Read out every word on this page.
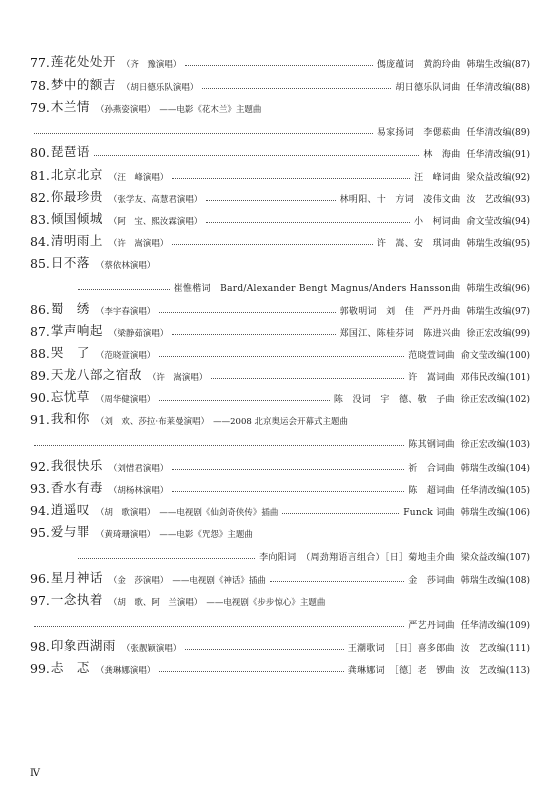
77. 莲花处处开 （齐　豫演唱）	傌庞蕴词　黄韵玲曲 韩瑞生改编(87)
78. 梦中的额吉 （胡日德乐队演唱）	胡日德乐队词曲 任华清改编(88)
79. 木兰情 （孙燕姿演唱） ——电影《花木兰》主题曲
易家扬词　李偲菘曲 任华清改编(89)
80. 琵琶语	林　海曲 任华清改编(91)
81. 北京北京 （汪　峰演唱）	汪　峰词曲 梁众益改编(92)
82. 你最珍贵 （张学友、高慧君演唱）	林明阳、十　方词　凌伟文曲 汝　艺改编(93)
83. 倾国倾城 （阿　宝、熙汝霖演唱）	小　柯词曲 俞文莹改编(94)
84. 清明雨上 （许　嵩演唱）	许　嵩、安　琪词曲 韩瑞生改编(95)
85. 日不落 （蔡依林演唱）
崔惟楷词　Bard/Alexander Bengt Magnus/Anders Hansson曲 韩瑞生改编(96)
86. 蜀　绣 （李宇春演唱）	郭敬明词　刘　佳　严丹丹曲 韩瑞生改编(97)
87. 掌声响起 （梁静茹演唱）	郑国江、陈桂芬词　陈进兴曲 徐正宏改编(99)
88. 哭　了 （范晓萱演唱）	范晓萱词曲 俞文莹改编(100)
89. 天龙八部之宿敌 （许　嵩演唱）	许　嵩词曲 邓伟民改编(101)
90. 忘忧草 （周华健演唱）	陈　没词　宇　德、敬　子曲 徐正宏改编(102)
91. 我和你 （刘　欢、莎拉·布莱曼演唱） ——2008 北京奥运会开幕式主题曲
陈其钢词曲 徐正宏改编(103)
92. 我很快乐 （刘惜君演唱）	祈　合词曲 韩瑞生改编(104)
93. 香水有毒 （胡杨林演唱）	陈　超词曲 任华清改编(105)
94. 逍遥叹 （胡　歌演唱） ——电视剧《仙剑奇侠传》插曲	Funck 词曲 韩瑞生改编(106)
95. 爱与罪 （黄琦珊演唱） ——电影《咒怨》主题曲
李向阳词　（周劲翔语言组合）［日］菊地圭介曲 梁众益改编(107)
96. 星月神话 （金　莎演唱） ——电视剧《神话》插曲	金　莎词曲 韩瑞生改编(108)
97. 一念执着 （胡　歌、阿　兰演唱） ——电视剧《步步惊心》主题曲
严艺丹词曲 任华清改编(109)
98. 印象西湖雨 （张靓颖演唱）	王潮歌词　［日］喜多郎曲 汝　艺改编(111)
99. 忐　忑 （龚琳娜演唱）	龚琳娜词　［德］老　锣曲 汝　艺改编(113)
Ⅳ
